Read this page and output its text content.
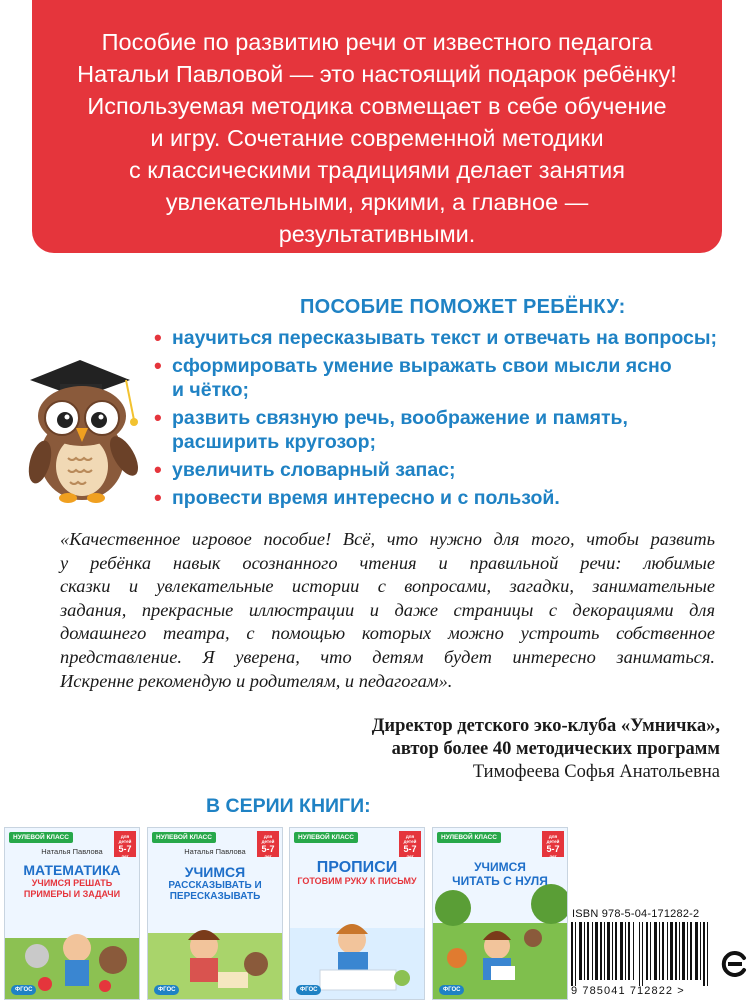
Пособие по развитию речи от известного педагога

Натальи Павловой — это настоящий подарок ребёнку!

Используемая методика совмещает в себе обучение

и игру. Сочетание современной методики

с классическими традициями делает занятия

увлекательными, яркими, а главное —

результативными.

ПОСОБИЕ ПОМОЖЕТ РЕБЁНКУ:
• научиться пересказывать текст и отвечать на вопросы;
• сформировать умение выражать свои мысли ясно
и чётко;
• развить связную речь, воображение и память,
расширить кругозор;
• увеличить словарный запас;
• провести время интересно и с пользой.
«Качественное игровое пособие! Всё, что нужно для того, чтобы развить
у ребёнка навык осознанного чтения и правильной речи: любимые
сказки и увлекательные истории с вопросами, загадки, занимательные
задания, прекрасные иллюстрации и даже страницы с декорациями для
домашнего театра, с помощью которых можно устроить собственное
представление. Я уверена, что детям будет интересно заниматься.
Искренне рекомендую и родителям, и педагогам».
Директор детского эко-клуба «Умничка»,
автор более 40 методических программ
Тимофеева Софья Анатольевна
В СЕРИИ КНИГИ:
НУЛЕВОЙ КЛАСС	для детей
5-7
лет
Наталья Павлова
МАТЕМАТИКА
УЧИМСЯ РЕШАТЬ ПРИМЕРЫ И ЗАДАЧИ
ФГОС
НУЛЕВОЙ КЛАСС	для детей
5-7
лет
Наталья Павлова
УЧИМСЯ
РАССКАЗЫВАТЬ И ПЕРЕСКАЗЫВАТЬ
ФГОС
НУЛЕВОЙ КЛАСС	для детей
5-7
лет
ПРОПИСИ
ГОТОВИМ РУКУ К ПИСЬМУ
ФГОС
НУЛЕВОЙ КЛАСС	для детей
5-7
лет
УЧИМСЯ
ЧИТАТЬ С НУЛЯ
ФГОС
ISBN 978-5-04-171282-2
9 785041 712822 >
